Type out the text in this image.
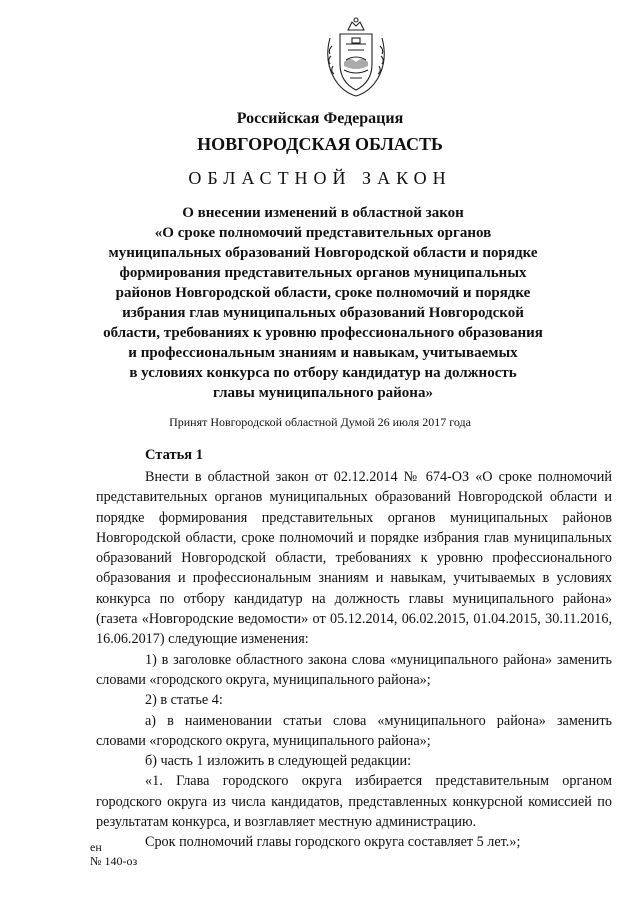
Российская Федерация
НОВГОРОДСКАЯ ОБЛАСТЬ
ОБЛАСТНОЙ ЗАКОН
О внесении изменений в областной закон
«О сроке полномочий представительных органов
муниципальных образований Новгородской области и порядке
формирования представительных органов муниципальных
районов Новгородской области, сроке полномочий и порядке
избрания глав муниципальных образований Новгородской
области, требованиях к уровню профессионального образования
и профессиональным знаниям и навыкам, учитываемых
в условиях конкурса по отбору кандидатур на должность
главы муниципального района»
Принят Новгородской областной Думой 26 июля 2017 года
Статья 1

Внести в областной закон от 02.12.2014 № 674-ОЗ «О сроке полномочий представительных органов муниципальных образований Новгородской области и порядке формирования представительных органов муниципальных районов Новгородской области, сроке полномочий и порядке избрания глав муниципальных образований Новгородской области, требованиях к уровню профессионального образования и профессиональным знаниям и навыкам, учитываемых в условиях конкурса по отбору кандидатур на должность главы муниципального района» (газета «Новгородские ведомости» от 05.12.2014, 06.02.2015, 01.04.2015, 30.11.2016, 16.06.2017) следующие изменения:

1) в заголовке областного закона слова «муниципального района» заменить словами «городского округа, муниципального района»;

2) в статье 4:

а) в наименовании статьи слова «муниципального района» заменить словами «городского округа, муниципального района»;

б) часть 1 изложить в следующей редакции:

«1. Глава городского округа избирается представительным органом городского округа из числа кандидатов, представленных конкурсной комиссией по результатам конкурса, и возглавляет местную администрацию.

Срок полномочий главы городского округа составляет 5 лет.»;

ен
№ 140-оз
